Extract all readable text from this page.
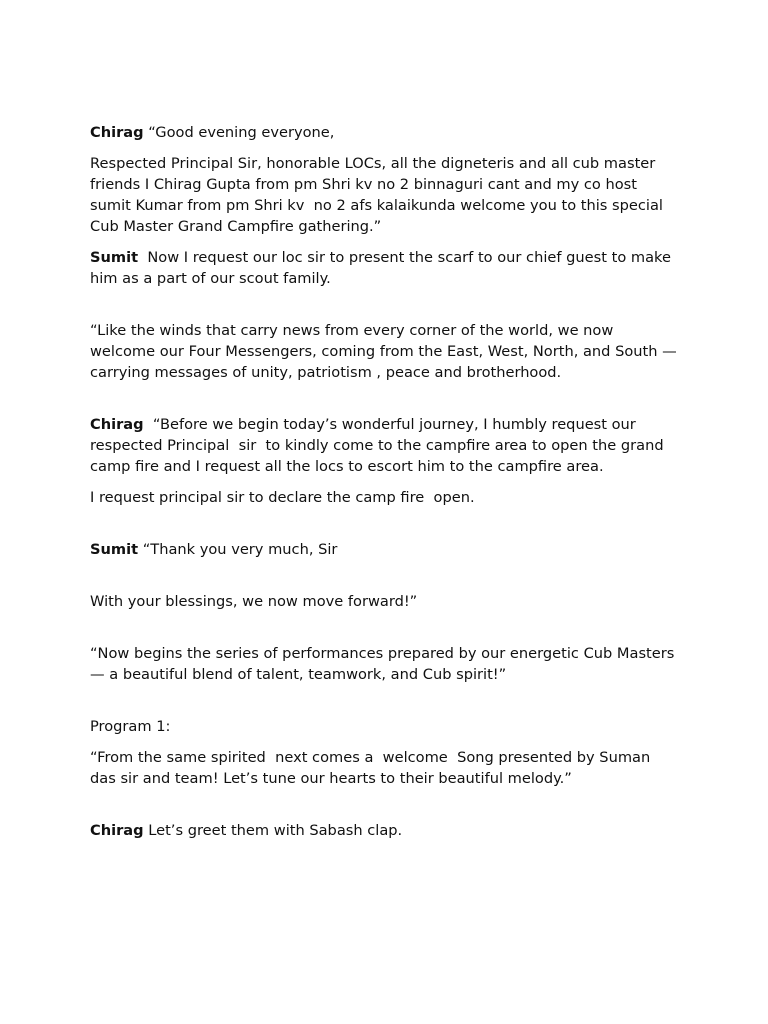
Chirag “Good evening everyone,

Respected Principal Sir, honorable LOCs, all the digneteris and all cub master friends I Chirag Gupta from pm Shri kv no 2 binnaguri cant and my co host sumit Kumar from pm Shri kv  no 2 afs kalaikunda welcome you to this special Cub Master Grand Campfire gathering.”

Sumit  Now I request our loc sir to present the scarf to our chief guest to make him as a part of our scout family.

“Like the winds that carry news from every corner of the world, we now welcome our Four Messengers, coming from the East, West, North, and South — carrying messages of unity, patriotism , peace and brotherhood.

Chirag  “Before we begin today’s wonderful journey, I humbly request our respected Principal  sir  to kindly come to the campfire area to open the grand camp fire and I request all the locs to escort him to the campfire area.

I request principal sir to declare the camp fire  open.

Sumit “Thank you very much, Sir

With your blessings, we now move forward!”

“Now begins the series of performances prepared by our energetic Cub Masters — a beautiful blend of talent, teamwork, and Cub spirit!”

Program 1:

“From the same spirited  next comes a  welcome  Song presented by Suman das sir and team! Let’s tune our hearts to their beautiful melody.”

Chirag Let’s greet them with Sabash clap.
